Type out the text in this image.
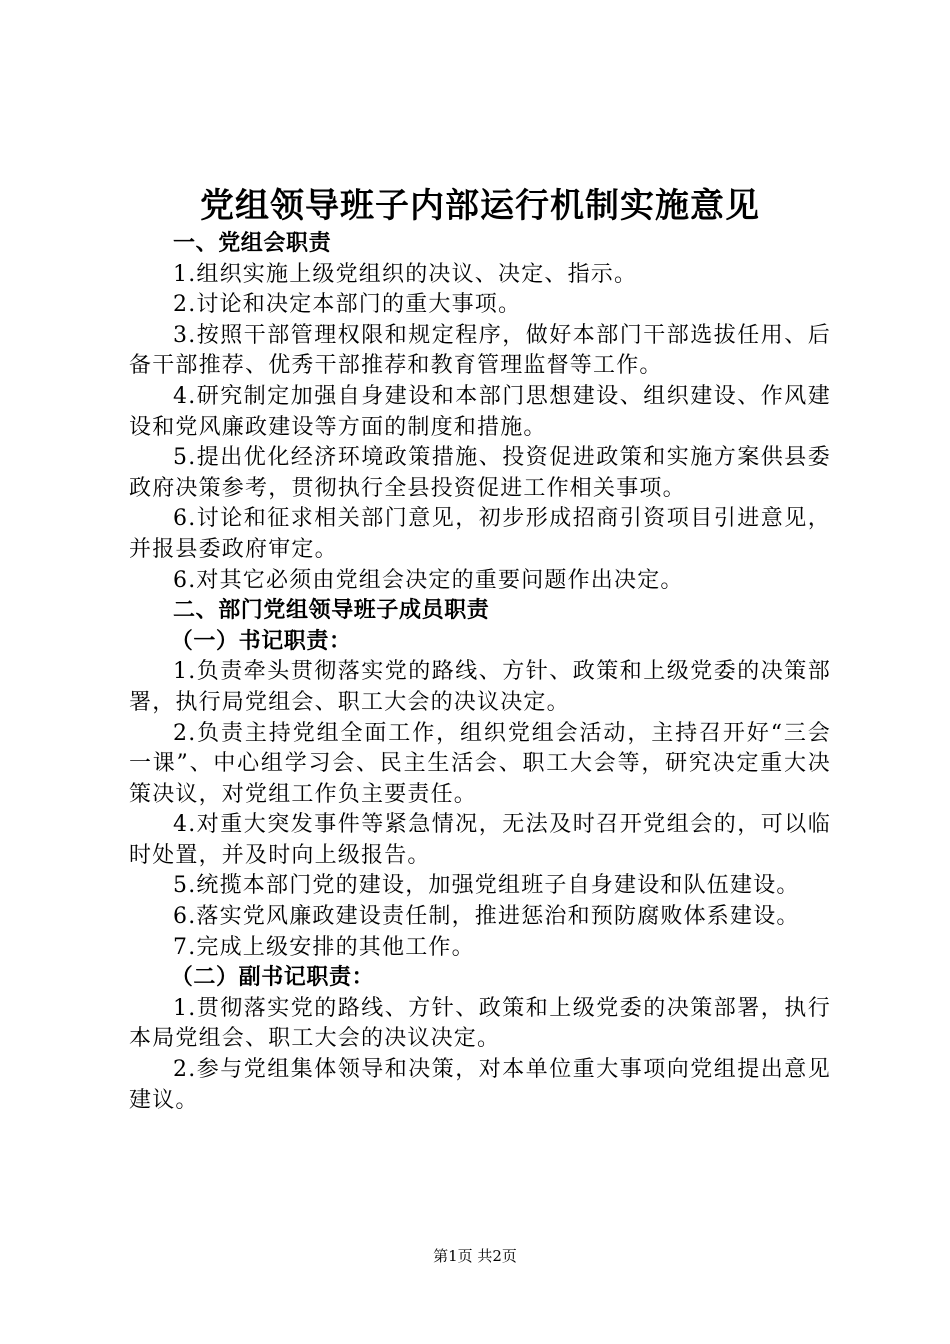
党组领导班子内部运行机制实施意见
一、党组会职责
1.组织实施上级党组织的决议、决定、指示。
2.讨论和决定本部门的重大事项。
3.按照干部管理权限和规定程序，做好本部门干部选拔任用、后备干部推荐、优秀干部推荐和教育管理监督等工作。
4.研究制定加强自身建设和本部门思想建设、组织建设、作风建设和党风廉政建设等方面的制度和措施。
5.提出优化经济环境政策措施、投资促进政策和实施方案供县委政府决策参考，贯彻执行全县投资促进工作相关事项。
6.讨论和征求相关部门意见，初步形成招商引资项目引进意见，并报县委政府审定。
6.对其它必须由党组会决定的重要问题作出决定。
二、部门党组领导班子成员职责
（一）书记职责：
1.负责牵头贯彻落实党的路线、方针、政策和上级党委的决策部署，执行局党组会、职工大会的决议决定。
2.负责主持党组全面工作，组织党组会活动，主持召开好“三会一课”、中心组学习会、民主生活会、职工大会等，研究决定重大决策决议，对党组工作负主要责任。
4.对重大突发事件等紧急情况，无法及时召开党组会的，可以临时处置，并及时向上级报告。
5.统揽本部门党的建设，加强党组班子自身建设和队伍建设。
6.落实党风廉政建设责任制，推进惩治和预防腐败体系建设。
7.完成上级安排的其他工作。
（二）副书记职责：
1.贯彻落实党的路线、方针、政策和上级党委的决策部署，执行本局党组会、职工大会的决议决定。
2.参与党组集体领导和决策，对本单位重大事项向党组提出意见建议。
第1页 共2页
